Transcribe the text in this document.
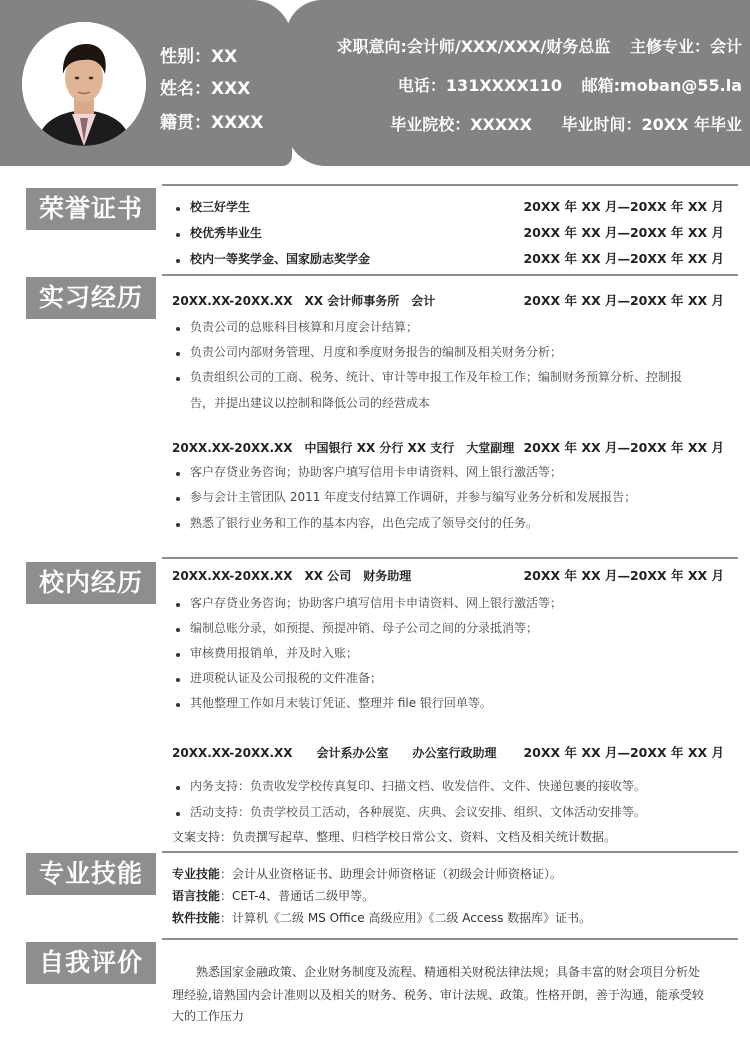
性别：XX
姓名：XXX
籍贯：XXXX
求职意向:会计师/XXX/XXX/财务总监 主修专业：会计
电话：131XXXX110 邮箱:moban@55.la
毕业院校：XXXXX 毕业时间：20XX 年毕业
荣誉证书	校三好学生	20XX 年 XX 月—20XX 年 XX 月
校优秀毕业生	20XX 年 XX 月—20XX 年 XX 月
校内一等奖学金、国家励志奖学金	20XX 年 XX 月—20XX 年 XX 月
实习经历	20XX.XX-20XX.XX　XX 会计师事务所　会计	20XX 年 XX 月—20XX 年 XX 月
负责公司的总账科目核算和月度会计结算；
负责公司内部财务管理、月度和季度财务报告的编制及相关财务分析；
负责组织公司的工商、税务、统计、审计等申报工作及年检工作；编制财务预算分析、控制报
告，并提出建议以控制和降低公司的经营成本
20XX.XX-20XX.XX　中国银行 XX 分行 XX 支行　大堂副理 20XX 年 XX 月—20XX 年 XX 月
客户存贷业务咨询；协助客户填写信用卡申请资料、网上银行激活等；
参与会计主管团队 2011 年度支付结算工作调研，并参与编写业务分析和发展报告；
熟悉了银行业务和工作的基本内容，出色完成了领导交付的任务。
校内经历	20XX.XX-20XX.XX　XX 公司　财务助理	20XX 年 XX 月—20XX 年 XX 月
客户存贷业务咨询；协助客户填写信用卡申请资料、网上银行激活等；
编制总账分录，如预提、预提冲销、母子公司之间的分录抵消等；
审核费用报销单，并及时入账；
进项税认证及公司报税的文件准备；
其他整理工作如月末装订凭证、整理并 file 银行回单等。
20XX.XX-20XX.XX　　会计系办公室　　办公室行政助理 20XX 年 XX 月—20XX 年 XX 月
内务支持：负责收发学校传真复印、扫描文档、收发信件、文件、快递包裹的接收等。
活动支持：负责学校员工活动，各种展览、庆典、会议安排、组织、文体活动安排等。
文案支持：负责撰写起草、整理、归档学校日常公文、资料、文档及相关统计数据。
专业技能	专业技能：会计从业资格证书、助理会计师资格证（初级会计师资格证）。
语言技能：CET-4、普通话二级甲等。
软件技能：计算机《二级 MS Office 高级应用》《二级 Access 数据库》证书。
自我评价	熟悉国家金融政策、企业财务制度及流程、精通相关财税法律法规；具备丰富的财会项目分析处
理经验,谙熟国内会计准则以及相关的财务、税务、审计法规、政策。性格开朗，善于沟通，能承受较
大的工作压力
